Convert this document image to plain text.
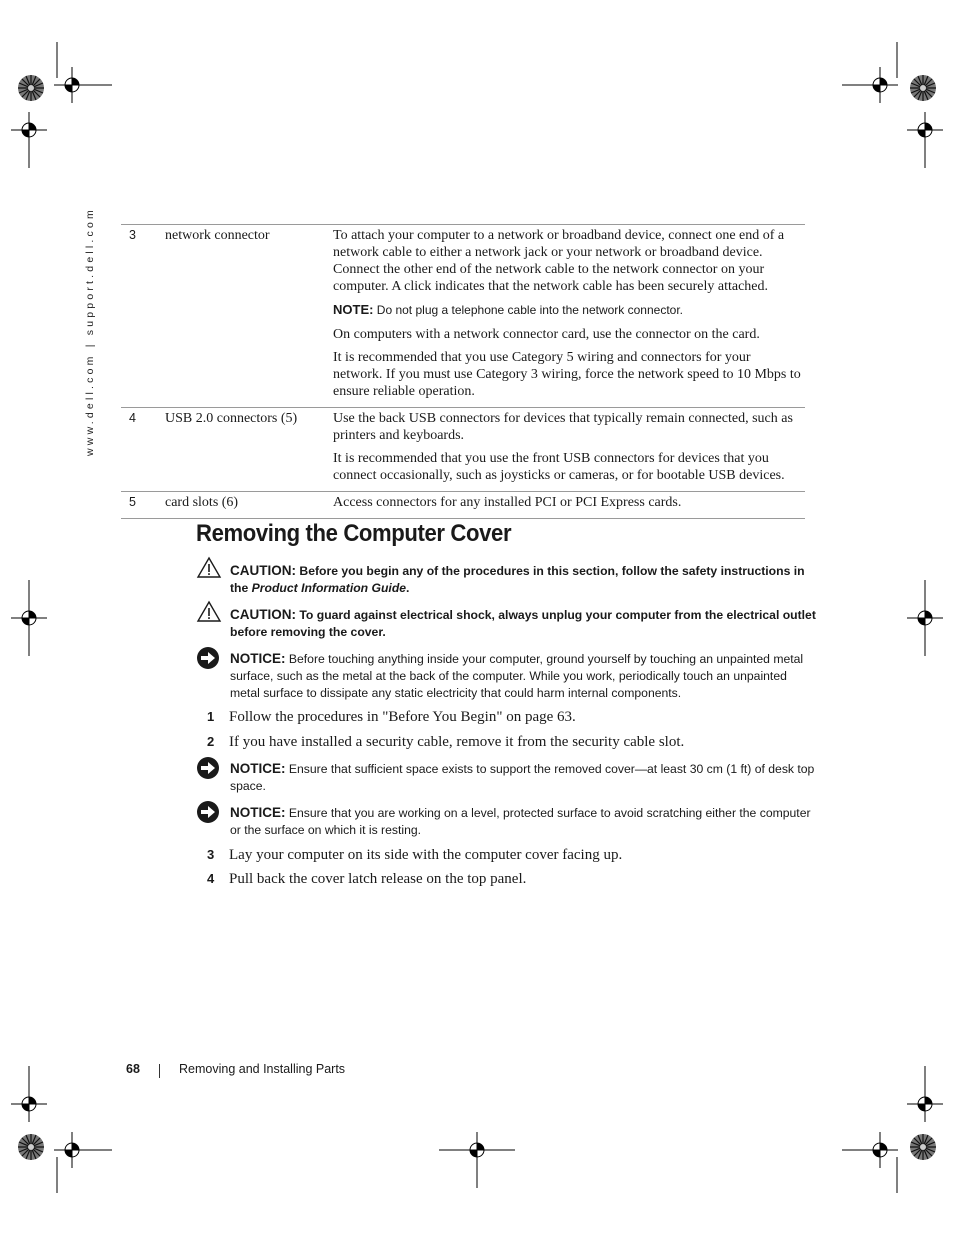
www.dell.com | support.dell.com	3	network connector	To attach your computer to a network or broadband device, connect one end of a network cable to either a network jack or your network or broadband device. Connect the other end of the network cable to the network connector on your computer. A click indicates that the network cable has been securely attached.

NOTE: Do not plug a telephone cable into the network connector.

On computers with a network connector card, use the connector on the card.

It is recommended that you use Category 5 wiring and connectors for your network. If you must use Category 3 wiring, force the network speed to 10 Mbps to ensure reliable operation.

4	USB 2.0 connectors (5)	Use the back USB connectors for devices that typically remain connected, such as printers and keyboards.

It is recommended that you use the front USB connectors for devices that you connect occasionally, such as joysticks or cameras, or for bootable USB devices.

5	card slots (6)	Access connectors for any installed PCI or PCI Express cards.

Removing the Computer Cover
CAUTION: Before you begin any of the procedures in this section, follow the safety instructions in the Product Information Guide.
CAUTION: To guard against electrical shock, always unplug your computer from the electrical outlet before removing the cover.
NOTICE: Before touching anything inside your computer, ground yourself by touching an unpainted metal surface, such as the metal at the back of the computer. While you work, periodically touch an unpainted metal surface to dissipate any static electricity that could harm internal components.
1 Follow the procedures in "Before You Begin" on page 63.
2 If you have installed a security cable, remove it from the security cable slot.
NOTICE: Ensure that sufficient space exists to support the removed cover—at least 30 cm (1 ft) of desk top space.
NOTICE: Ensure that you are working on a level, protected surface to avoid scratching either the computer or the surface on which it is resting.
3 Lay your computer on its side with the computer cover facing up.
4 Pull back the cover latch release on the top panel.
68	Removing and Installing Parts
